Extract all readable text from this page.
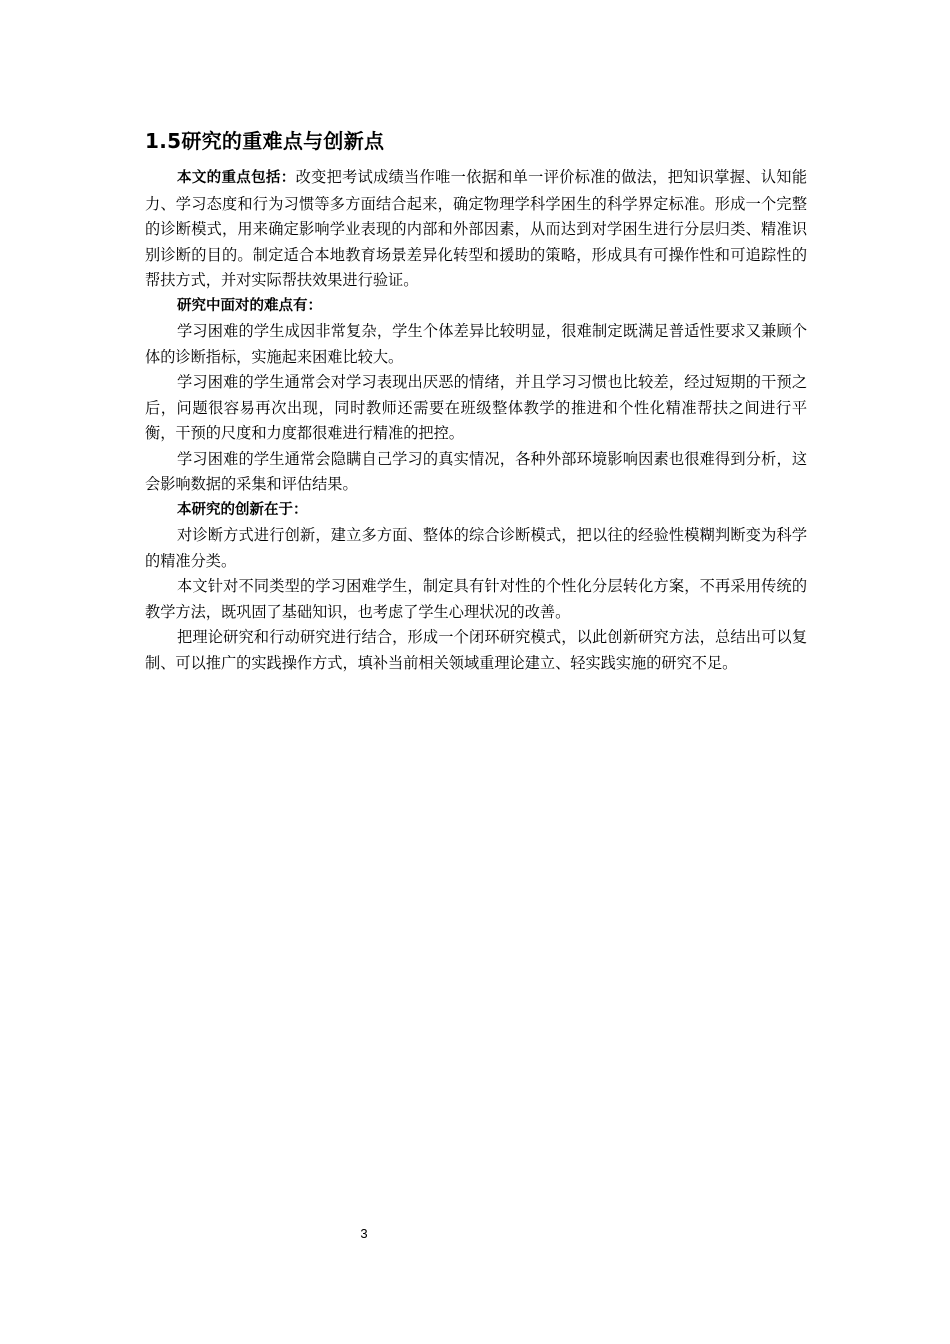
1.5研究的重难点与创新点

本文的重点包括：改变把考试成绩当作唯一依据和单一评价标准的做法，把知识掌握、认知能力、学习态度和行为习惯等多方面结合起来，确定物理学科学困生的科学界定标准。形成一个完整的诊断模式，用来确定影响学业表现的内部和外部因素，从而达到对学困生进行分层归类、精准识别诊断的目的。制定适合本地教育场景差异化转型和援助的策略，形成具有可操作性和可追踪性的帮扶方式，并对实际帮扶效果进行验证。

研究中面对的难点有：

学习困难的学生成因非常复杂，学生个体差异比较明显，很难制定既满足普适性要求又兼顾个体的诊断指标，实施起来困难比较大。

学习困难的学生通常会对学习表现出厌恶的情绪，并且学习习惯也比较差，经过短期的干预之后，问题很容易再次出现，同时教师还需要在班级整体教学的推进和个性化精准帮扶之间进行平衡，干预的尺度和力度都很难进行精准的把控。

学习困难的学生通常会隐瞒自己学习的真实情况，各种外部环境影响因素也很难得到分析，这会影响数据的采集和评估结果。

本研究的创新在于：

对诊断方式进行创新，建立多方面、整体的综合诊断模式，把以往的经验性模糊判断变为科学的精准分类。

本文针对不同类型的学习困难学生，制定具有针对性的个性化分层转化方案，不再采用传统的教学方法，既巩固了基础知识，也考虑了学生心理状况的改善。

把理论研究和行动研究进行结合，形成一个闭环研究模式，以此创新研究方法，总结出可以复制、可以推广的实践操作方式，填补当前相关领域重理论建立、轻实践实施的研究不足。

3
